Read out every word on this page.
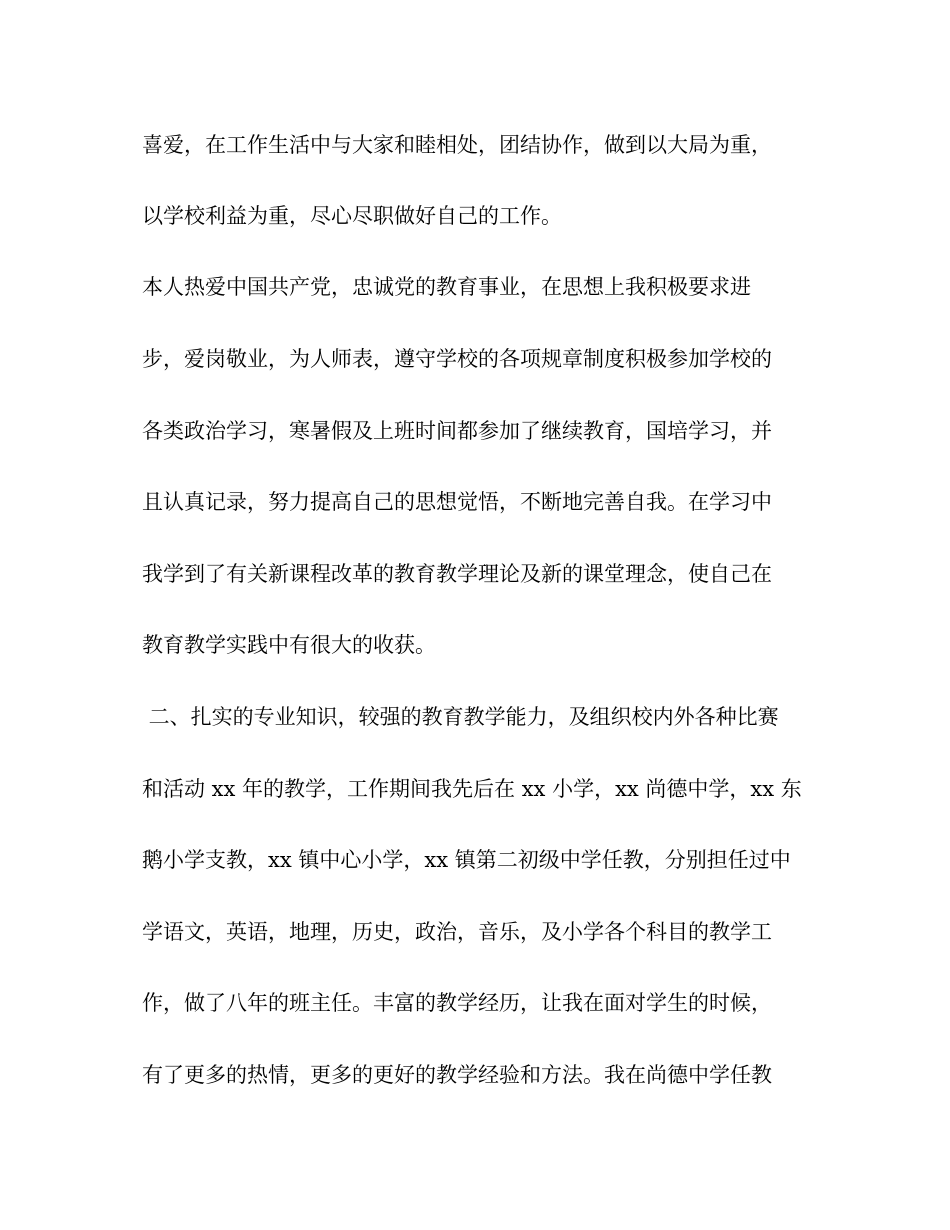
喜爱，在工作生活中与大家和睦相处，团结协作，做到以大局为重，
以学校利益为重，尽心尽职做好自己的工作。
本人热爱中国共产党，忠诚党的教育事业，在思想上我积极要求进
步，爱岗敬业，为人师表，遵守学校的各项规章制度积极参加学校的
各类政治学习，寒暑假及上班时间都参加了继续教育，国培学习，并
且认真记录，努力提高自己的思想觉悟，不断地完善自我。在学习中
我学到了有关新课程改革的教育教学理论及新的课堂理念，使自己在
教育教学实践中有很大的收获。
二、扎实的专业知识，较强的教育教学能力，及组织校内外各种比赛
和活动 xx 年的教学，工作期间我先后在 xx 小学，xx 尚德中学，xx 东
鹅小学支教，xx 镇中心小学，xx 镇第二初级中学任教，分别担任过中
学语文，英语，地理，历史，政治，音乐，及小学各个科目的教学工
作，做了八年的班主任。丰富的教学经历，让我在面对学生的时候，
有了更多的热情，更多的更好的教学经验和方法。我在尚德中学任教
